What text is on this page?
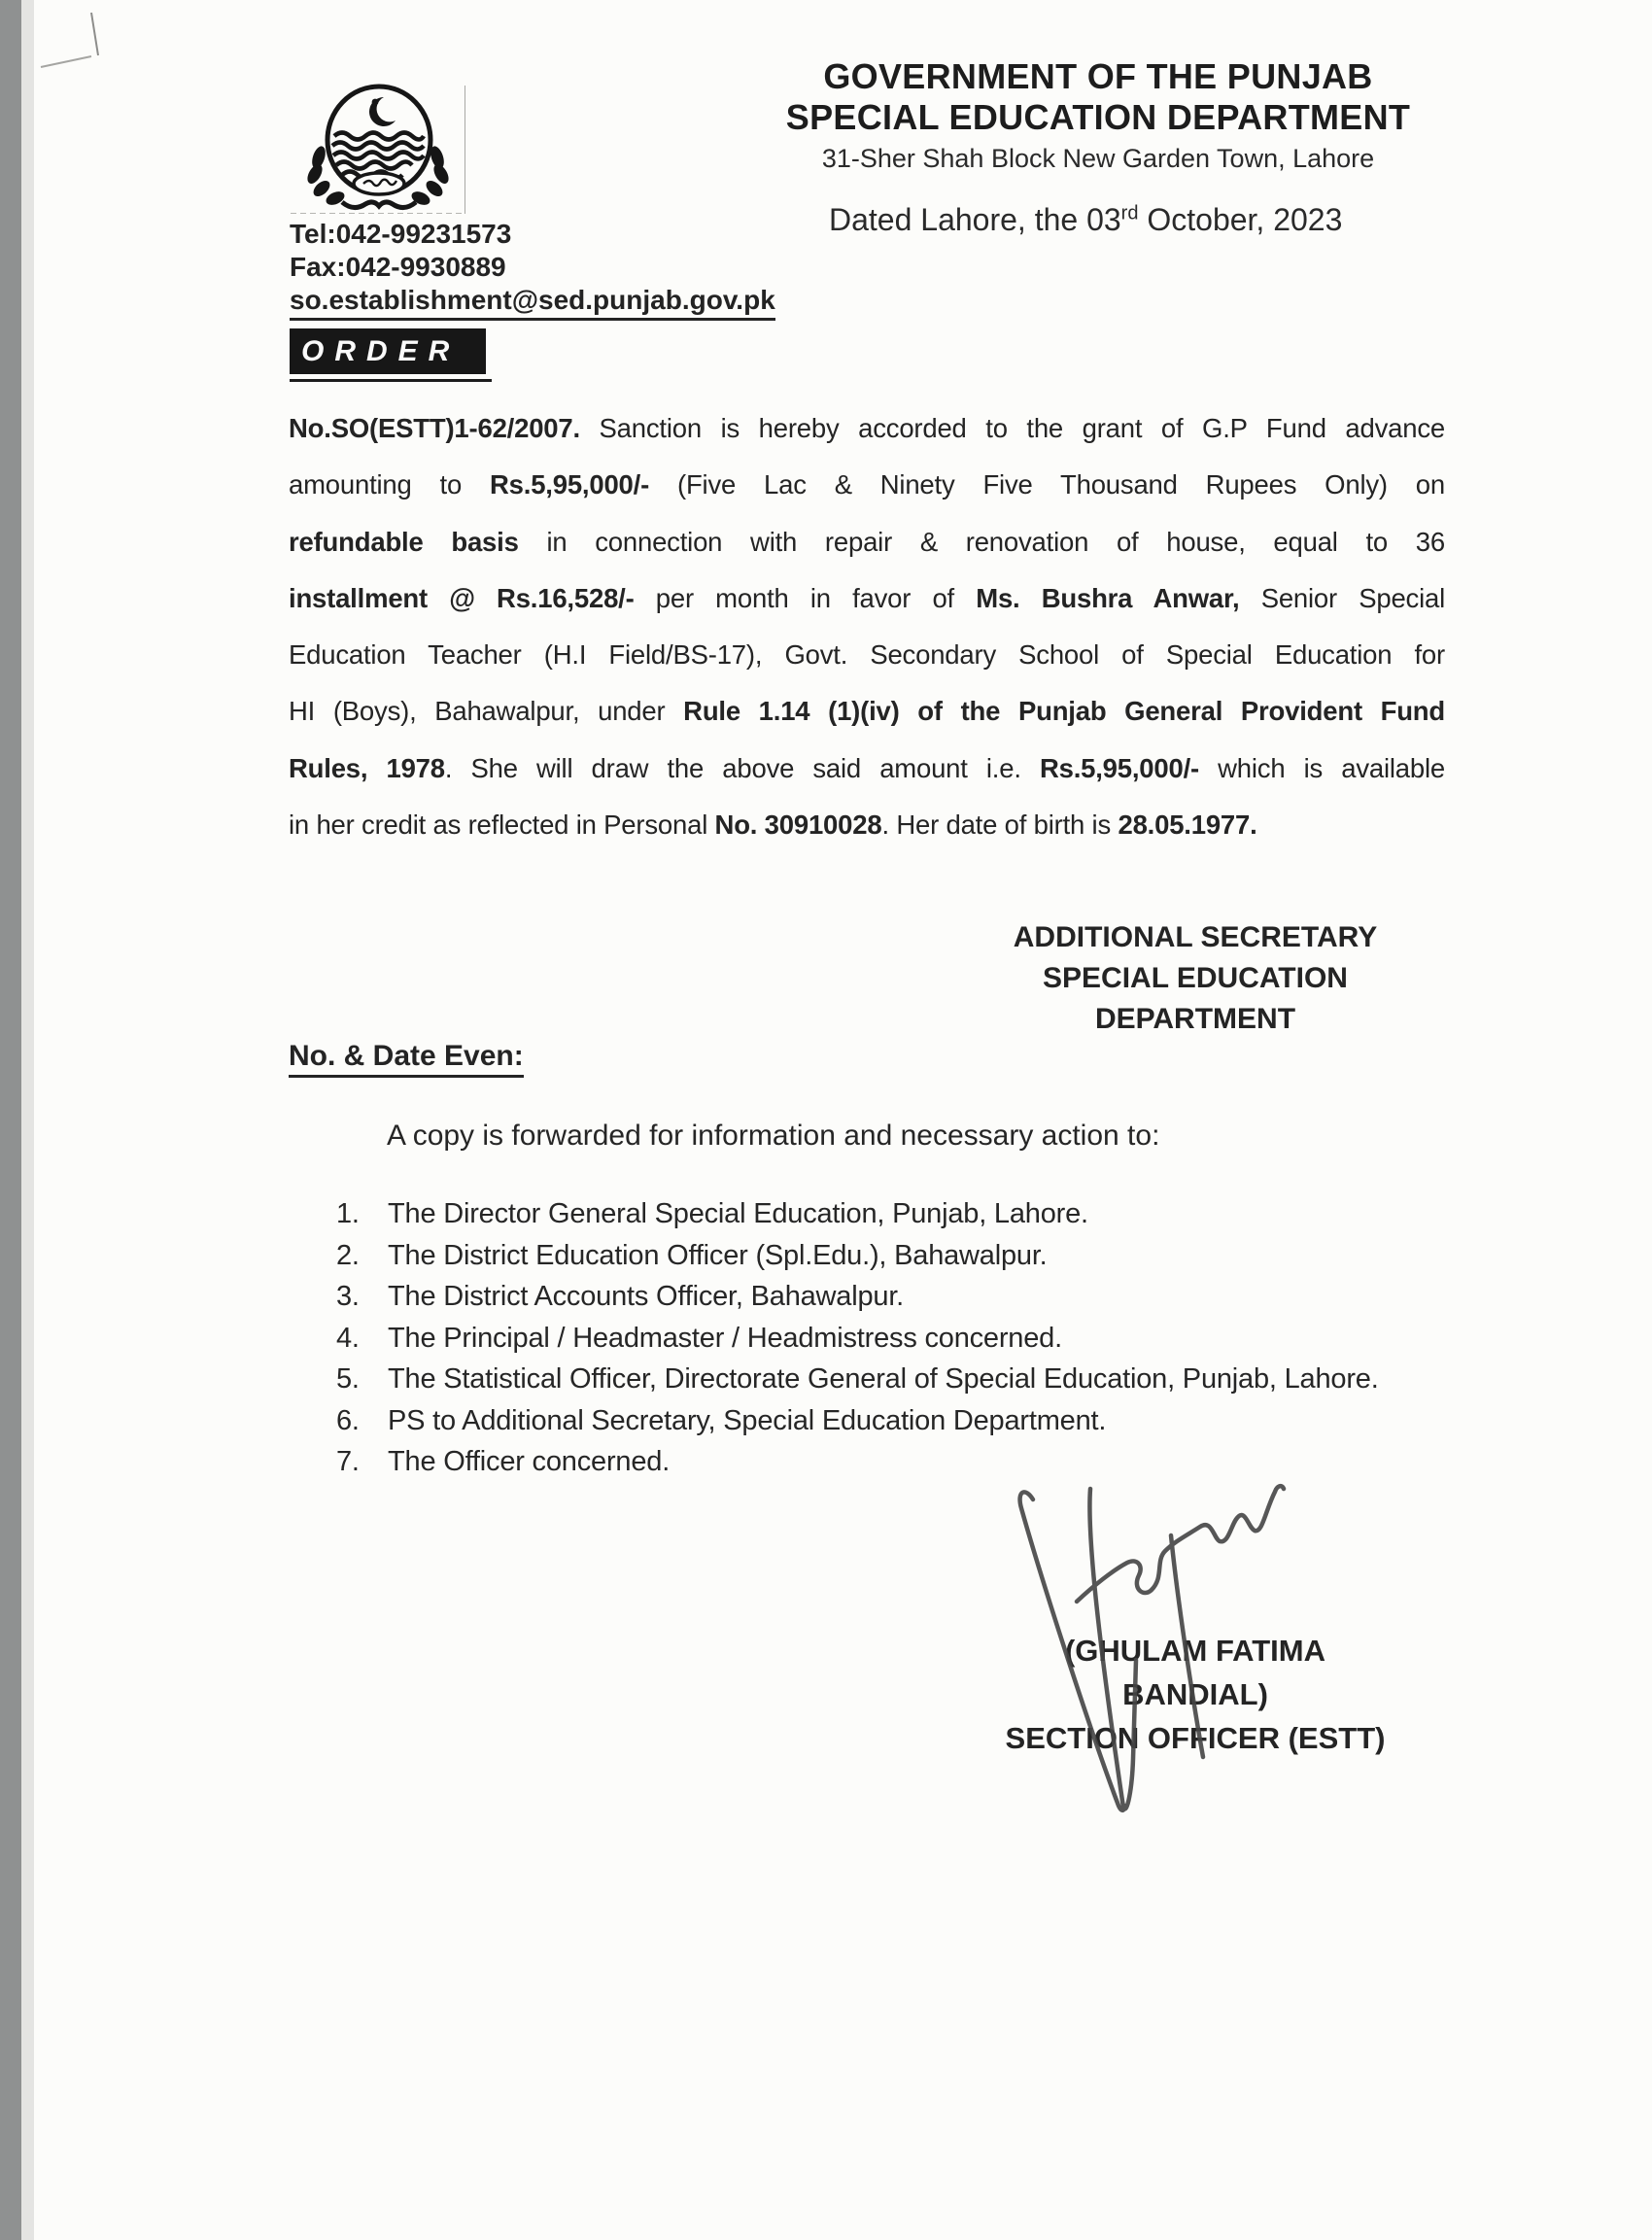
GOVERNMENT OF THE PUNJAB
SPECIAL EDUCATION DEPARTMENT
31-Sher Shah Block New Garden Town, Lahore
Dated Lahore, the 03rd October, 2023
Tel:042-99231573
Fax:042-9930889
so.establishment@sed.punjab.gov.pk
ORDER
No.SO(ESTT)1-62/2007. Sanction is hereby accorded to the grant of G.P Fund advance
amounting to Rs.5,95,000/- (Five Lac & Ninety Five Thousand Rupees Only) on
refundable basis in connection with repair & renovation of house, equal to 36
installment @ Rs.16,528/- per month in favor of Ms. Bushra Anwar, Senior Special
Education Teacher (H.I Field/BS-17), Govt. Secondary School of Special Education for
HI (Boys), Bahawalpur, under Rule 1.14 (1)(iv) of the Punjab General Provident Fund
Rules, 1978. She will draw the above said amount i.e. Rs.5,95,000/- which is available
in her credit as reflected in Personal No. 30910028. Her date of birth is 28.05.1977.
ADDITIONAL SECRETARY
SPECIAL EDUCATION
DEPARTMENT
No. & Date Even:
A copy is forwarded for information and necessary action to:
1.	The Director General Special Education, Punjab, Lahore.
2.	The District Education Officer (Spl.Edu.), Bahawalpur.
3.	The District Accounts Officer, Bahawalpur.
4.	The Principal / Headmaster / Headmistress concerned.
5.	The Statistical Officer, Directorate General of Special Education, Punjab, Lahore.
6.	PS to Additional Secretary, Special Education Department.
7.	The Officer concerned.
(GHULAM FATIMA BANDIAL)
SECTION OFFICER (ESTT)
